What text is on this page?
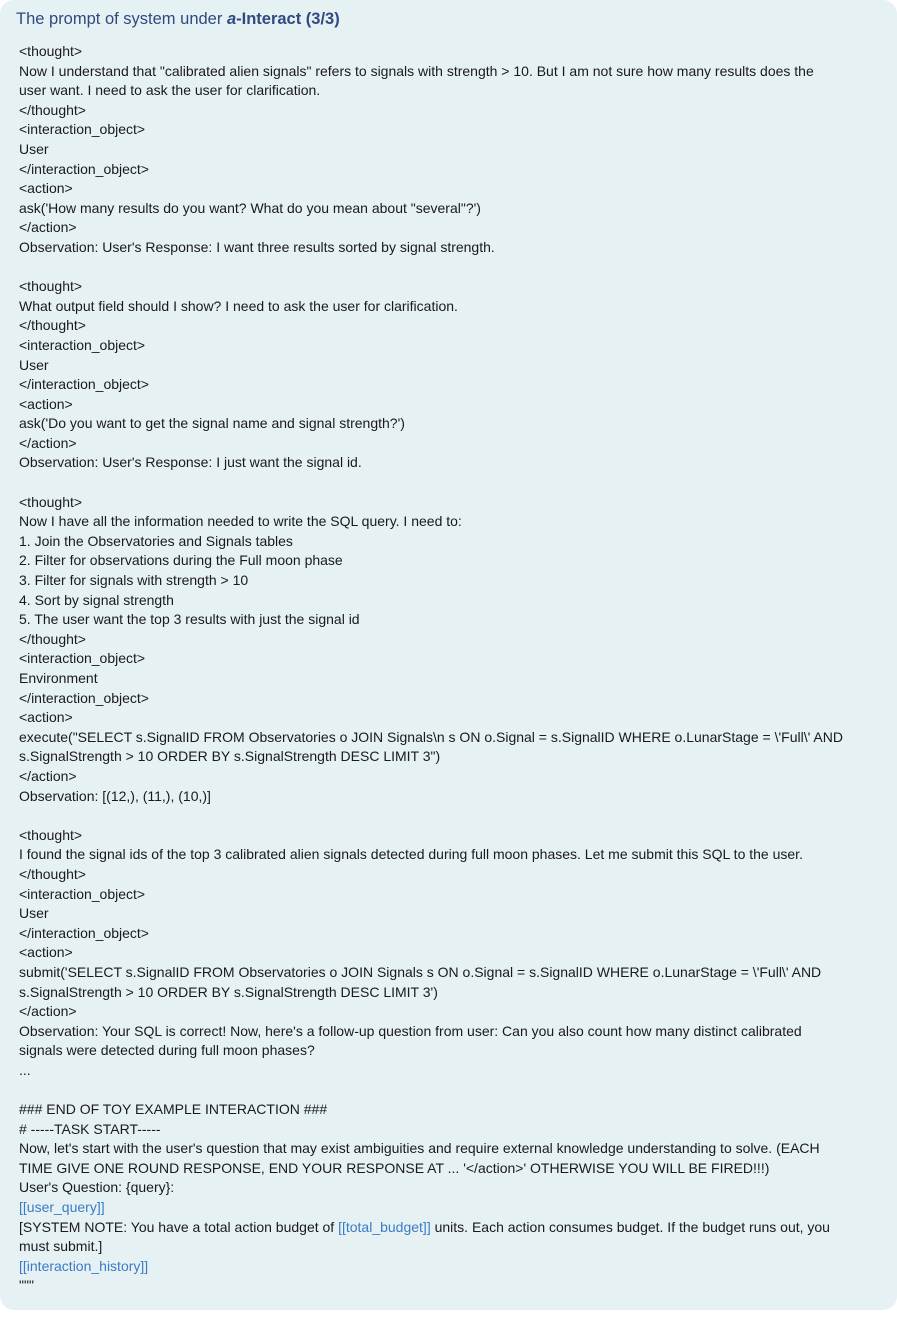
The prompt of system under a-Interact (3/3)
<thought>
Now I understand that "calibrated alien signals" refers to signals with strength > 10. But I am not sure how many results does the
user want. I need to ask the user for clarification.
</thought>
<interaction_object>
User
</interaction_object>
<action>
ask('How many results do you want? What do you mean about "several"?')
</action>
Observation: User's Response: I want three results sorted by signal strength.
<thought>
What output field should I show? I need to ask the user for clarification.
</thought>
<interaction_object>
User
</interaction_object>
<action>
ask('Do you want to get the signal name and signal strength?')
</action>
Observation: User's Response: I just want the signal id.
<thought>
Now I have all the information needed to write the SQL query. I need to:
1. Join the Observatories and Signals tables
2. Filter for observations during the Full moon phase
3. Filter for signals with strength > 10
4. Sort by signal strength
5. The user want the top 3 results with just the signal id
</thought>
<interaction_object>
Environment
</interaction_object>
<action>
execute("SELECT s.SignalID FROM Observatories o JOIN Signals\n s ON o.Signal = s.SignalID WHERE o.LunarStage = \'Full\' AND
s.SignalStrength > 10 ORDER BY s.SignalStrength DESC LIMIT 3")
</action>
Observation: [(12,), (11,), (10,)]
<thought>
I found the signal ids of the top 3 calibrated alien signals detected during full moon phases. Let me submit this SQL to the user.
</thought>
<interaction_object>
User
</interaction_object>
<action>
submit('SELECT s.SignalID FROM Observatories o JOIN Signals s ON o.Signal = s.SignalID WHERE o.LunarStage = \'Full\' AND
s.SignalStrength > 10 ORDER BY s.SignalStrength DESC LIMIT 3')
</action>
Observation: Your SQL is correct! Now, here's a follow-up question from user: Can you also count how many distinct calibrated
signals were detected during full moon phases?
...
### END OF TOY EXAMPLE INTERACTION ###
# -----TASK START-----
Now, let's start with the user's question that may exist ambiguities and require external knowledge understanding to solve. (EACH
TIME GIVE ONE ROUND RESPONSE, END YOUR RESPONSE AT ... '</action>' OTHERWISE YOU WILL BE FIRED!!!)
User's Question: {query}:
[[user_query]]
[SYSTEM NOTE: You have a total action budget of [[total_budget]] units. Each action consumes budget. If the budget runs out, you
must submit.]
[[interaction_history]]
"""
